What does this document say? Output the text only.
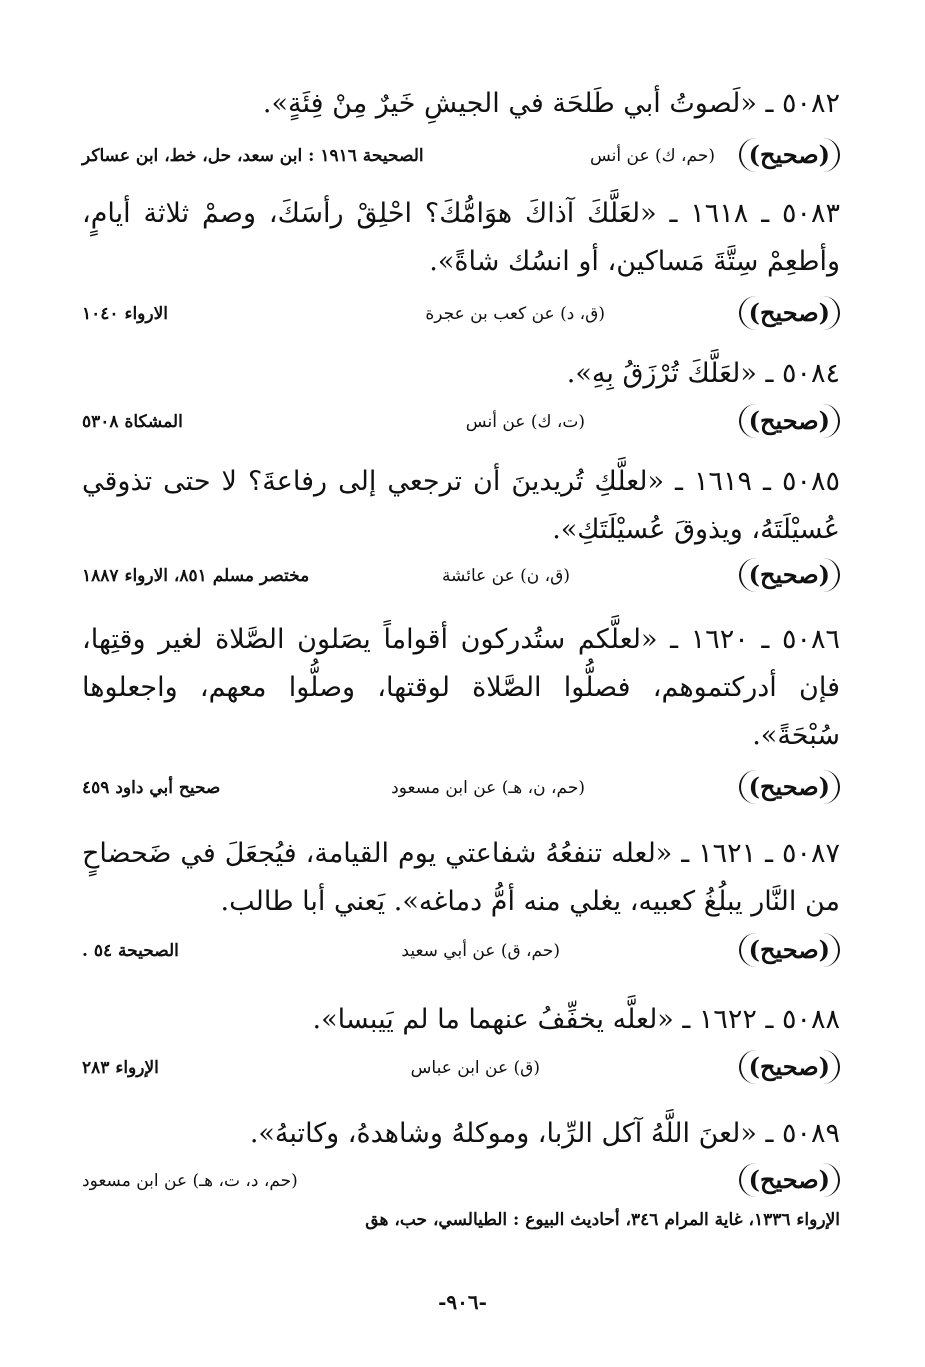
٥٠٨٢ ـ «لَصوتُ أبي طَلحَة في الجيشِ خَيرٌ مِنْ فِئَةٍ».
(صحيح)
(حم، ك) عن أنس
الصحيحة ١٩١٦ : ابن سعد، حل، خط، ابن عساكر
٥٠٨٣ ـ ١٦١٨ ـ «لعَلَّكَ آذاكَ هوَامُّكَ؟ احْلِقْ رأسَكَ، وصمْ ثلاثة أيامٍ، وأطعِمْ سِتَّةَ مَساكين، أو انسُك شاةً».
(صحيح)
(ق، د) عن كعب بن عجرة
الارواء ١٠٤٠
٥٠٨٤ ـ «لعَلَّكَ تُرْزَقُ بِهِ».
(صحيح)
(ت، ك) عن أنس
المشكاة ٥٣٠٨
٥٠٨٥ ـ ١٦١٩ ـ «لعلَّكِ تُريدينَ أن ترجعي إلى رفاعةَ؟ لا حتى تذوقي عُسيْلَتَهُ، ويذوقَ عُسيْلَتَكِ».
(صحيح)
(ق، ن) عن عائشة
مختصر مسلم ٨٥١، الارواء ١٨٨٧
٥٠٨٦ ـ ١٦٢٠ ـ «لعلَّكم ستُدركون أقواماً يصَلون الصَّلاة لغير وقتِها، فإن أدركتموهم، فصلُّوا الصَّلاة لوقتها، وصلُّوا معهم، واجعلوها سُبْحَةً».
(صحيح)
(حم، ن، هـ) عن ابن مسعود
صحيح أبي داود ٤٥٩
٥٠٨٧ ـ ١٦٢١ ـ «لعله تنفعُهُ شفاعتي يوم القيامة، فيُجعَلَ في ضَحضاحٍ من النَّار يبلُغُ كعبيه، يغلي منه أمُّ دماغه». يَعني أبا طالب.
(صحيح)
(حم، ق) عن أبي سعيد
الصحيحة ٥٤ .
٥٠٨٨ ـ ١٦٢٢ ـ «لعلَّه يخفِّفُ عنهما ما لم يَيبسا».
(صحيح)
(ق) عن ابن عباس
الإرواء ٢٨٣
٥٠٨٩ ـ «لعنَ اللَّهُ آكل الرِّبا، وموكلهُ وشاهدهُ، وكاتبهُ».
(صحيح)
(حم، د، ت، هـ) عن ابن مسعود
الإرواء ١٣٣٦، غاية المرام ٣٤٦، أحاديث البيوع : الطيالسي، حب، هق
-٩٠٦-
